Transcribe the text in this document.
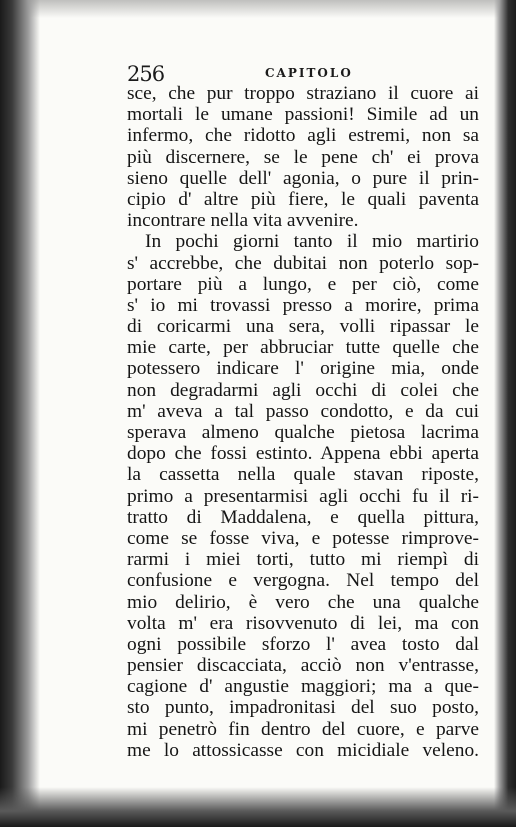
256	CAPITOLO
sce, che pur troppo straziano il cuore ai
mortali le umane passioni! Simile ad un
infermo, che ridotto agli estremi, non sa
più discernere, se le pene ch' ei prova
sieno quelle dell' agonia, o pure il prin-
cipio d' altre più fiere, le quali paventa
incontrare nella vita avvenire.
In pochi giorni tanto il mio martirio
s' accrebbe, che dubitai non poterlo sop-
portare più a lungo, e per ciò, come
s' io mi trovassi presso a morire, prima
di coricarmi una sera, volli ripassar le
mie carte, per abbruciar tutte quelle che
potessero indicare l' origine mia, onde
non degradarmi agli occhi di colei che
m' aveva a tal passo condotto, e da cui
sperava almeno qualche pietosa lacrima
dopo che fossi estinto. Appena ebbi aperta
la cassetta nella quale stavan riposte,
primo a presentarmisi agli occhi fu il ri-
tratto di Maddalena, e quella pittura,
come se fosse viva, e potesse rimprove-
rarmi i miei torti, tutto mi riempì di
confusione e vergogna. Nel tempo del
mio delirio, è vero che una qualche
volta m' era risovvenuto di lei, ma con
ogni possibile sforzo l' avea tosto dal
pensier discacciata, acciò non v'entrasse,
cagione d' angustie maggiori; ma a que-
sto punto, impadronitasi del suo posto,
mi penetrò fin dentro del cuore, e parve
me lo attossicasse con micidiale veleno.
